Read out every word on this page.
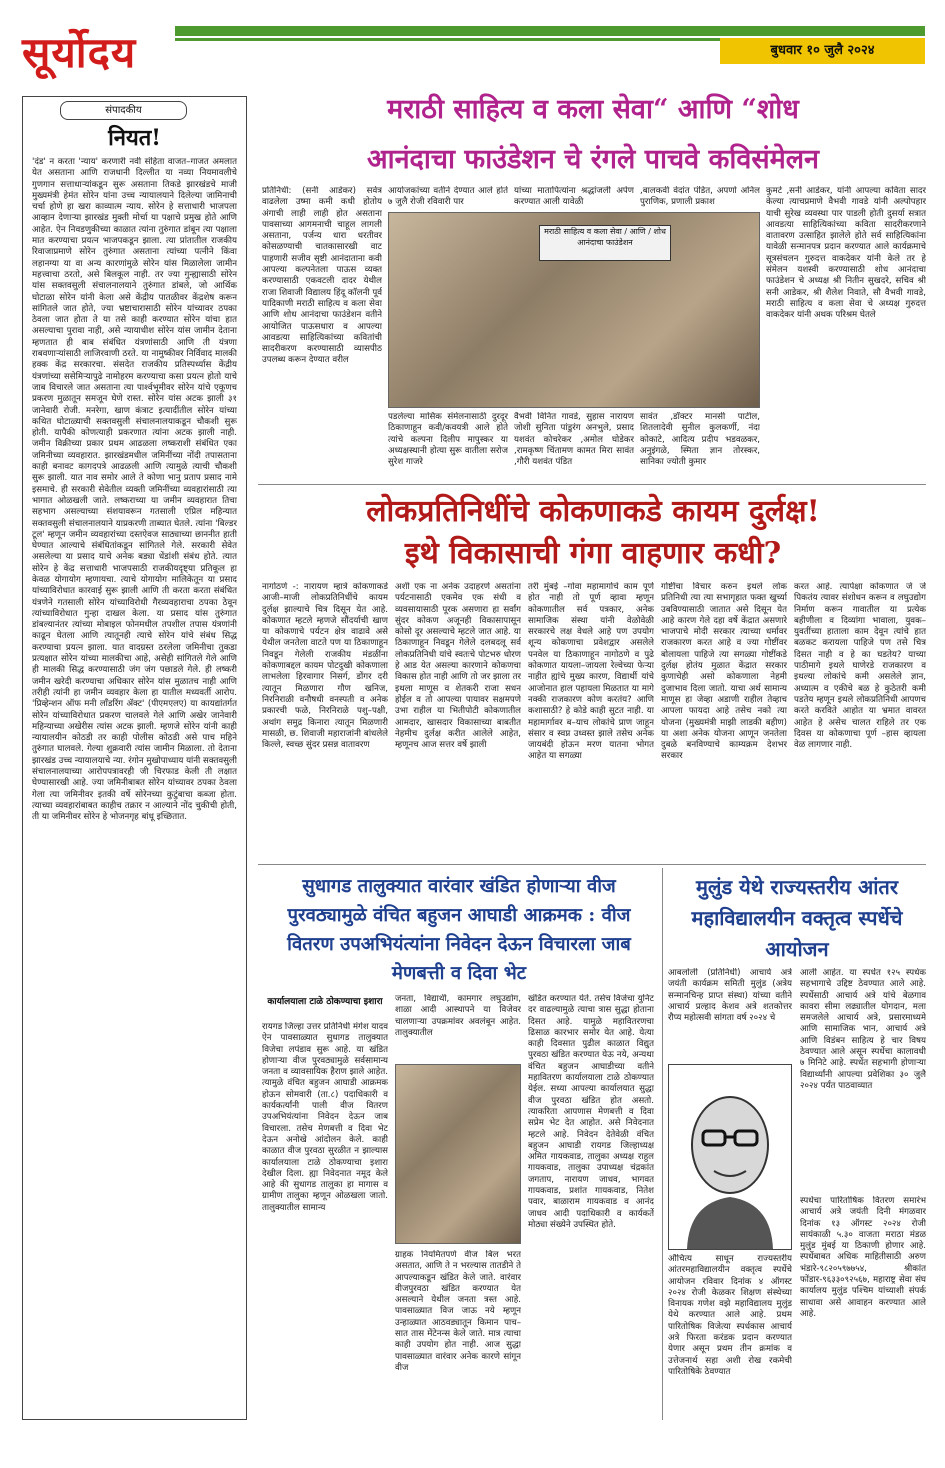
सूर्योदय	बुधवार १० जुलै २०२४
संपादकीय
नियत!
'दंड' न करता 'न्याय' करणारी नवी संहिता वाजत–गाजत अमलात येत असताना आणि राजधानी दिल्लीत या नव्या नियमावलीचे गुणगान सत्ताधाऱ्यांकडून सुरू असताना तिकडे झारखंडचे माजी मुख्यमंत्री हेमंत सोरेन यांना उच्च न्यायालयाने दिलेल्या जामिनाची चर्चा होणे हा खरा काव्यात्म न्याय. सोरेन हे सत्ताधारी भाजपला आव्हान देणाऱ्या झारखंड मुक्ती मोर्चा या पक्षाचे प्रमुख होते आणि आहेत. ऐन निवडणुकीच्या काळात त्यांना तुरुंगात डांबून त्या पक्षाला मात करण्याचा प्रयत्न भाजपकडून झाला. त्या प्रांतातील राजकीय रिवाजाप्रमाणे सोरेन तुरुंगात असताना त्यांच्या पत्नीने किंवा लहानग्या या वा अन्य कारणांमुळे सोरेन यांस मिळालेला जामीन महत्त्वाचा ठरतो, असे बिलकूल नाही. तर ज्या गुन्ह्यासाठी सोरेन यांस सक्तवसुली संचालनालयाने तुरुंगात डांबले, जो आर्थिक घोटाळा सोरेन यांनी केला असे केंद्रीय पातळीवर केंद्रशेष करून सांगितले जात होते, ज्या भ्रष्टाचारासाठी सोरेन यांच्यावर ठपका ठेवला जात होता ते या तसे काही करण्यात सोरेन यांचा हात असल्याचा पुरावा नाही, असे न्यायाधीश सोरेन यांस जामीन देताना म्हणतात ही बाब संबंधित यंत्रणांसाठी आणि ती यंत्रणा राबवणाऱ्यांसाठी लाजिरवाणी ठरते. या नामुष्कीवर निर्विवाद मालकी हक्क केंद्र सरकारचा. संसदेत राजकीय प्रतिस्पर्ध्यास केंद्रीय यंत्रणांच्या ससेमिऱ्यापुढे नामोहरम करण्याचा कसा प्रयत्न होतो याचे जाब विचारले जात असताना त्या पार्श्वभूमीवर सोरेन यांचे एकूणच प्रकरण मुळातून समजून घेणे रास्त. सोरेन यांस अटक झाली ३१ जानेवारी रोजी. मनरेगा, खाण कंत्राट इत्यादींतील सोरेन यांच्या कथित घोटाळ्याची सक्तवसुली संचालनालयाकडून चौकशी सुरू होती. यापैकी कोणत्याही प्रकरणात त्यांना अटक झाली नाही. जमीन विक्रीच्या प्रकार प्रथम आढळला लष्कराशी संबंधित एका जमिनीच्या व्यवहारात. झारखंडमधील जमिनींच्या नोंदी तपासताना काही बनावट कागदपत्रे आढळली आणि त्यामुळे त्याची चौकशी सुरू झाली. यात नाव समोर आले ते कोणा भानु प्रताप प्रसाद नामे इसमाचे. ही सरकारी सेवेतील व्यक्ती जमिनींच्या व्यवहारांसाठी त्या भागात ओळखली जाते. लष्कराच्या या जमीन व्यवहारात तिचा सहभाग असल्याच्या संशयावरून गतसाली एप्रिल महिन्यात सक्तवसुली संचालनालयाने याप्रकरणी ताब्यात घेतले. त्यांना 'बिल्डर टूल' म्हणून जमीन व्यवहारांच्या दस्तऐवज साठ्याच्या छाननीत हाती घेण्यात आल्याचे संबंधितांकडून सांगितले गेले. सरकारी सेवेत असलेल्या या प्रसाद याचे अनेक बड्या धेंडांशी संबंध होते. त्यात सोरेन हे केंद्र सत्ताधारी भाजपसाठी राजकीयदृष्ट्या प्रतिकूल हा केवळ योगायोग म्हणायचा. त्याचे योगायोग मालिकेतून या प्रसाद यांच्याविरोधात कारवाई सुरू झाली आणि ती करता करता संबंधित यंत्रणेने गतसाली सोरेन यांच्याविरोधी गैरव्यवहाराचा ठपका ठेवून त्यांच्याविरोधात गुन्हा दाखल केला. या प्रसाद यांस तुरुंगात डांबल्यानंतर त्यांच्या मोबाइल फोनमधील तपशील तपास यंत्रणांनी काढून घेतला आणि त्यातूनही त्याचे सोरेन यांचे संबंध सिद्ध करण्याचा प्रयत्न झाला. यात वादग्रस्त ठरलेला जमिनीचा तुकडा प्रत्यक्षात सोरेन यांच्या मालकीचा आहे, असेही सांगितले गेले आणि ही मालकी सिद्ध करण्यासाठी जंग जंग पछाडले गेले. ही लष्करी जमीन खरेदी करण्याचा अधिकार सोरेन यांस मुळातच नाही आणि तरीही त्यांनी हा जमीन व्यवहार केला हा यातील मध्यवर्ती आरोप. 'प्रिव्हेन्शन ऑफ मनी लाँडरिंग ॲक्ट' (पीएमएलए) या कायद्यांतर्गत सोरेन यांच्याविरोधात प्रकरण चालवले गेले आणि अखेर जानेवारी महिन्याच्या अखेरीस त्यांस अटक झाली. म्हणजे सोरेन यांनी काही न्यायालयीन कोठडी तर काही पोलीस कोठडी असे पाच महिने तुरुंगात घालवले. गेल्या शुक्रवारी त्यांस जामीन मिळाला. तो देताना झारखंड उच्च न्यायालयाचे न्या. रंगोन मुखोपाध्याय यांनी सक्तवसुली संचालनालयाच्या आरोपपत्रावरही जी चिरफाड केली ती लक्षात घेण्यासारखी आहे. ज्या जमिनीबाबत सोरेन यांच्यावर ठपका ठेवला गेला त्या जमिनीवर इतकी वर्षे सोरेनच्या कुटुंबाचा कब्जा होता. त्याच्या व्यवहारांबाबत काहीच तक्रार न आल्याने नोंद चुकीची होती, ती या जमिनीवर सोरेन हे भोजनगृह बांधू इच्छितात.
मराठी साहित्य व कला सेवा“ आणि “शोध
आनंदाचा फाउंडेशन चे रंगले पाचवे कविसंमेलन
प्रतिनिधी: (सनी आडेकर) सर्वत्र वाढलेला उष्मा कमी कधी होतोय अंगाची लाही लाही होत असताना पावसाच्या आगमनाची चाहूल लागली असताना, पर्जन्य धारा धरतीवर कोसळण्याची चातकासारखी वाट पाहणारी सजीव सृष्टी आनंदाताना कवी आपल्या कल्पनेतला पाऊस व्यक्त करण्यासाठी एकवटली दादर येथील राजा शिवाजी विद्यालय हिंदू कॉलनी पूर्व यादिकाणी मराठी साहित्य व कला सेवा आणि शोध आनंदाचा फाउंडेशन वतीने आयोजित पाऊसधारा व आपल्या आवडत्या साहित्यिकांच्या कवितांची सादरीकरण करण्यासाठी व्यासपीठ उपलब्ध करून देण्यात वरील
आयोजकांच्या वतीने देण्यात आले होते ७ जुलै रोजी रविवारी पार
यांच्या मातापित्यांना श्रद्धांजली अर्पण करण्यात आली यावेळी
,बालकवी वेदांत पंडित, अपर्णा अनिल पुराणिक, प्रणाली प्रकाश
मराठी साहित्य व कला सेवा / आणि / शोध आनंदाचा फाउंडेशन
पडलेल्या मासिक संमेलनासाठी दुरदूर ठिकाणाहून कवी/कवयत्री आले होते त्यांचे कल्पना दिलीप मापुस्कर या अध्यक्षस्थानी होत्या सुरू वातीला सरोज सुरेश गाजरे
वैभवी विनित गावडे, सुहास नारायण जोशी सुनिता पांडुरंग अनभुले, प्रसाद यशवंत कोचरेकर ,अमोल घोडेकर ,रामकृष्ण चिंतामण कामत मिरा सावंत ,गौरी यशवंत पंडित
सावंत ,डॉक्टर मानसी पाटील, शितलादेवी सुनील कुलकर्णी, नंदा कोकाटे, आदित्य प्रदीप भडवळकर, अनुइंगळे, स्मिता ज्ञान तोरस्कर, सानिका ज्योती कुमार
कुमटे ,सनी आडेकर, यांनी आपल्या कविता सादर केल्या त्याचप्रमाणे वैभवी गावडे यांनी अल्पोपहार याची सुरेख व्यवस्था पार पाडली होती दुसर्या सत्रात आवडत्या साहित्यिकांच्या कविता सादरीकरणाने वातावरण उत्साहित झालेले होते सर्व साहित्यिकांना यावेळी सन्मानपत्र प्रदान करण्यात आले कार्यक्रमाचे सूत्रसंचलन गुरुदत्त वाकदेकर यांनी केले तर हे संमेलन यशस्वी करण्यासाठी शोध आनंदाचा फाउंडेशन चे अध्यक्ष श्री नितीन सुखदरे, सचिव श्री सनी आडेकर, श्री शैलेश निवाते, सौ वैभवी गावडे, मराठी साहित्य व कला सेवा चे अध्यक्ष गुरुदत्त वाकदेकर यांनी अथक परिश्रम घेतले
लोकप्रतिनिधींचे कोकणाकडे कायम दुर्लक्ष!
इथे विकासाची गंगा वाहणार कधी?
नागोठणे -: नारायण म्हात्रे कोकणाकडे आजी–माजी लोकप्रतिनिधींचे कायम दुर्लक्ष झाल्याचे चित्र दिसून येत आहे. कोकणात म्हटले म्हणजे सौंदर्याची खाण या कोकणाचे पर्यटन क्षेत्र वाढावे असे येथील जनतेला वाटते पण या ठिकाणाहून निवडून गेलेली राजकीय मंडळींना कोकणाबद्दल कायम पोटदुखी कोकणाला लाभलेला हिरवागार निसर्ग, डोंगर दरी त्यातून मिळणारा गौण खनिज, निरनिराळी वनौषधी वनस्पती व अनेक प्रकारची फळे, निरनिराळे पशु–पक्षी, अथांग समुद्र किनारा त्यातून मिळणारी मासळी, छ. शिवाजी महाराजांनी बांधलेले किल्ले, स्वच्छ सुंदर प्रसन्न वातावरण
अशी एक ना अनेक उदाहरणे असतांना पर्यटनासाठी एकमेव एक संधी व व्यवसायासाठी पूरक असणारा हा सर्वांग सुंदर कोकण अजूनही विकासापासून कोसो दूर असल्याचे म्हटले जात आहे. या ठिकाणाहून निवडून गेलेले दलबदलू सर्व लोकप्रतिनिधी यांचे स्वतःचे पोटभरु धोरण हे आड येत असल्या कारणाने कोकणचा विकास होत नाही आणि तो जर झाला तर इथला माणूस व शेतकरी राजा सधन होईल व तो आपल्या पायावर सक्षमपणे उभा राहील या भितीपोटी कोकणातील आमदार, खासदार विकासाच्या बाबतीत नेहमीच दुर्लक्ष करीत आलेले आहेत, म्हणूनच आज सत्तर वर्षे झाली
तरी मुंबई –गोवा महामार्गाचे काम पूर्ण होत नाही तो पूर्ण व्हावा म्हणून कोकणातील सर्व पत्रकार, अनेक सामाजिक संस्था यांनी वेळोवेळी सरकारचे लक्ष वेधले आहे पण उपयोग शून्य कोकणाचा प्रवेशद्वार असलेले पनवेल या ठिकाणाहून नागोठणे व पुढे कोकणात यायला–जायला रेल्वेच्या फेऱ्या नाहीत ह्यांचे मुख्य कारण, विद्यार्थी यांचे आजोनात हाल पहायला मिळतात या मागे नक्की राजकारण कोण करतंय? आणि कशासाठी? हे कोडे काही सुटत नाही. या महामार्गावर ब–याच लोकांचे प्राण जाहून संसार व स्वप्न उध्वस्त झाले तसेच अनेक जायबंदी होऊन मरण यातना भोगत आहेत या सगळ्या
गोष्टींचा विचार करुन इथले लोक प्रतिनिधी त्या त्या सभागृहात फक्त खुर्च्या उबविण्यासाठी जातात असे दिसून येत आहे कारण गेले दहा वर्षे केंद्रात असणारे भाजपाचे मोदी सरकार त्याच्या धर्मावर राजकारण करत आहे व ज्या गोष्टींवर बोलायला पाहिजे त्या सगळ्या गोष्टींकडे दुर्लक्ष होतंय मुळात केंद्रात सरकार कुणाचेही असो कोकणाला नेहमी दुजाभाव दिला जातो. याचा अर्थ सामान्य माणूस हा जेव्हा अडाणी राहील तेव्हाच आपला फायदा आहे तसेच नको त्या योजना (मुख्यमंत्री माझी लाडकी बहीण) या अशा अनेक योजना आणून जनतेला दुबळे बनविण्याचे काम्यक्रम देशभर सरकार
करत आहे. त्यापेक्षा कोकणात जे जे पिकतंय त्यावर संशोधन करून व लघुउद्योग निर्माण करून गावातील या प्रत्येक बहीणीला व दिव्यांगा भावाला, युवक–युवतींच्या हाताला काम देवून त्यांचे हात बळकट करायला पाहिजे पण तसे चित्र दिसत नाही व हे का घडतेय? याच्या पाठीमागे इथले घाणेरडे राजकारण व इथल्या लोकांचे कमी असलेले ज्ञान, अध्यात्म व एकीचे बळ हे कुठेतरी कमी पडतेय म्हणून इथले लोकप्रतिनिधी आपणच करते करविते आहोत या भ्रमात वावरत आहेत हे असेच चालत राहिले तर एक दिवस या कोकणाचा पूर्ण –हास व्हायला वेळ लागणार नाही.
सुधागड तालुक्यात वारंवार खंडित होणाऱ्या वीज पुरवठ्यामुळे वंचित बहुजन आघाडी आक्रमक : वीज वितरण उपअभियंत्यांना निवेदन देऊन विचारला जाब मेणबत्ती व दिवा भेट
कार्यालयाला टाळे ठोकण्याचा इशारा
रायगड जिल्हा उत्तर प्रतिनिधी मंगेश यादव ऐन पावसाळ्यात सुधागड तालुक्यात विजेचा लपंडाव सुरू आहे. या खंडित होणाऱ्या वीज पुरवठ्यामुळे सर्वसामान्य जनता व व्यावसायिक हैराण झाले आहेत. त्यामुळे वंचित बहुजन आघाडी आक्रमक होऊन सोमवारी (ता.८) पदाधिकारी व कार्यकर्त्यांनी पाली वीज वितरण उपअभियंत्यांना निवेदन देऊन जाब विचारला. तसेच मेणबत्ती व दिवा भेट देऊन अनोखे आंदोलन केले. काही काळात वीज पुरवठा सुरळीत न झाल्यास कार्यालयाला टाळे ठोकण्याचा इशारा देखील दिला. ह्या निवेदनात नमूद केले आहे की सुधागड तालुका हा मागास व ग्रामीण तालुका म्हणून ओळखला जातो. तालुक्यातील सामान्य
जनता, विद्यार्थी, कामगार लघुउद्योग, शाळा आदी आस्थापने या विजेवर चालणाऱ्या उपक्रमांवर अवलंबून आहेत. तालुक्यातील
ग्राहक नियमितपणे वीज बिल भरत असतात, आणि ते न भरल्यास तातडीने ते आपल्याकडून खंडित केले जाते. वारंवार वीजपुरवठा खंडित करण्यात येत असल्याने येथील जनता त्रस्त आहे. पावसाळ्यात विज जाऊ नये म्हणून उन्हाळ्यात आठवड्यातून किमान पाच–सात तास मेंटेनन्स केले जाते. मात्र त्याचा काही उपयोग होत नाही. आज सुद्धा पावसाळ्यात वारंवार अनेक कारणे सांगून वीज
खंडित करण्यात येते. तसेच विजेचा युनिट दर वाढल्यामुळे त्याचा त्रास सुद्धा होताना दिसत आहे. यामुळे महावितरणचा ढिसाळ कारभार समोर येत आहे. येत्या काही दिवसात पुढील काळात विद्युत पुरवठा खंडित करण्यात येऊ नये, अन्यथा वंचित बहुजन आघाडीच्या वतीने महावितरण कार्यालयाला टाळे ठोकण्यात येईल. सध्या आपल्या कार्यालयात सुद्धा वीज पुरवठा खंडित होत असतो. त्याकरिता आपणास मेणबत्ती व दिवा सप्रेम भेट देत आहोत. असे निवेदनात म्हटले आहे. निवेदन देतेवेळी वंचित बहुजन आघाडी रायगड जिल्हाध्यक्ष अमित गायकवाड, तालुका अध्यक्ष राहुल गायकवाड, तालुका उपाध्यक्ष चंद्रकांत जगताप, नारायण जाधव, भागवत गायकवाड, प्रशांत गायकवाड, नितेश पवार, बाळाराम गायकवाड व आनंद जाधव आदी पदाधिकारी व कार्यकर्ते मोठ्या संख्येने उपस्थित होते.
मुलुंड येथे राज्यस्तरीय आंतर महाविद्यालयीन वक्तृत्व स्पर्धेचे आयोजन
आबलोली (प्रतिनिधी) आचार्य अत्रे जयंती कार्यक्रम समिती मुलुंड (अत्रेय सन्मानचिन्ह प्राप्त संस्था) यांच्या वतीने आचार्य प्रल्हाद केशव अत्रे शतकोत्तर रौप्य महोत्सवी सांगता वर्ष २०२४ चे
औचित्य साधून राज्यस्तरीय आंतरमहाविद्यालयीन वक्तृत्व स्पर्धेचे आयोजन रविवार दिनांक ४ ऑगस्ट २०२४ रोजी केळकर शिक्षण संस्थेच्या विनायक गणेश वझे महाविद्यालय मुलुंड येथे करण्यात आले आहे. प्रथम पारितोषिक विजेत्या स्पर्धकास आचार्य अत्रे फिरता करंडक प्रदान करण्यात येणार असून प्रथम तीन क्रमांक व उत्तेजनार्थ सहा अशी रोख रकमेची पारितोषिके ठेवण्यात
आली आहेत. या स्पर्धेत १२५ स्पर्धक सहभागाचे उद्दिष्ट ठेवण्यात आले आहे. स्पर्धेसाठी आचार्य अत्रे यांचे बेळगाव कावरा सीमा लढ्यातील योगदान, मला समजलेले आचार्य अत्रे, प्रसारमाध्यमे आणि सामाजिक भान, आचार्य अत्रे आणि विडंबन साहित्य हे चार विषय ठेवण्यात आले असून स्पर्धेचा कालावधी ७ मिनिटे आहे. स्पर्धेत सहभागी होणाऱ्या विद्यार्थ्यांनी आपल्या प्रवेशिका ३० जुलै २०२४ पर्यंत पाठवाव्यात
स्पर्धेचा पारितोषिक वितरण समारंभ आचार्य अत्रे जयंती दिनी मंगळवार दिनांक १३ ऑगस्ट २०२४ रोजी सायंकाळी ५.३० वाजता मराठा मंडळ मुलुंड मुंबई या ठिकाणी होणार आहे. स्पर्धेबाबत अधिक माहितीसाठी अरुण भंडारे-९८२०५९७७५४, श्रीकांत फोंडार-९६३३०९२५६७, महाराष्ट्र सेवा संघ कार्यालय मुलुंड पश्चिम यांच्याशी संपर्क साधावा असे आवाहन करण्यात आले आहे.
